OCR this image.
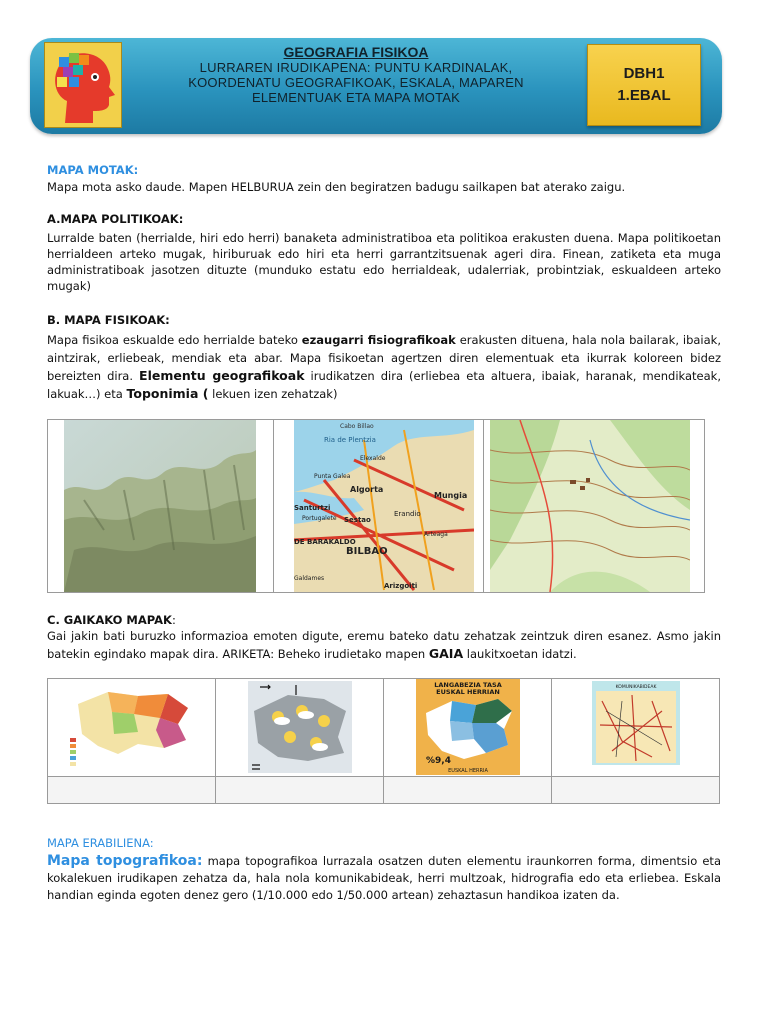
GEOGRAFIA FISIKOA
LURRAREN IRUDIKAPENA: PUNTU KARDINALAK,
KOORDENATU GEOGRAFIKOAK, ESKALA, MAPAREN
ELEMENTUAK ETA MAPA MOTAK
DBH1
1.EBAL
MAPA MOTAK:
Mapa mota asko daude. Mapen HELBURUA zein den begiratzen badugu sailkapen bat aterako zaigu.
A.MAPA POLITIKOAK:
Lurralde baten (herrialde, hiri edo herri) banaketa administratiboa eta politikoa erakusten duena. Mapa politikoetan herrialdeen arteko mugak, hiriburuak edo hiri eta herri garrantzitsuenak ageri dira. Finean, zatiketa eta muga administratiboak jasotzen dituzte (munduko estatu edo herrialdeak, udalerriak, probintziak, eskualdeen arteko mugak)
B. MAPA FISIKOAK:
Mapa fisikoa eskualde edo herrialde bateko ezaugarri fisiografikoak erakusten dituena, hala nola bailarak, ibaiak, aintzirak, erliebeak, mendiak eta abar. Mapa fisikoetan agertzen diren elementuak eta ikurrak koloreen bidez bereizten dira. Elementu geografikoak irudikatzen dira (erliebea eta altuera, ibaiak, haranak, mendikateak, lakuak…) eta Toponimia ( lekuen izen zehatzak)

Cabo Billao
Ria de Plentzia
Elexalde
Punta Galea
Algorta
Mungia
Santurtzi
Portugalete Sestao
Erandio
Arteaga
BILBAO
DE BARAKALDO
Arizgoiti
Galdames

C. GAIKAKO MAPAK:
Gai jakin bati buruzko informazioa emoten digute, eremu bateko datu zehatzak zeintzuk diren esanez. Asmo jakin batekin egindako mapak dira. ARIKETA: Beheko irudietako mapen GAIA laukitxoetan idatzi.

LANGABEZIA TASA
EUSKAL HERRIAN
%9,4
EUSKAL HERRIA	KOMUNIKABIDEAK

MAPA ERABILIENA:
Mapa topografikoa: mapa topografikoa lurrazala osatzen duten elementu iraunkorren forma, dimentsio eta kokalekuen irudikapen zehatza da, hala nola komunikabideak, herri multzoak, hidrografia edo eta erliebea. Eskala handian eginda egoten denez gero (1/10.000 edo 1/50.000 artean) zehaztasun handikoa izaten da.
